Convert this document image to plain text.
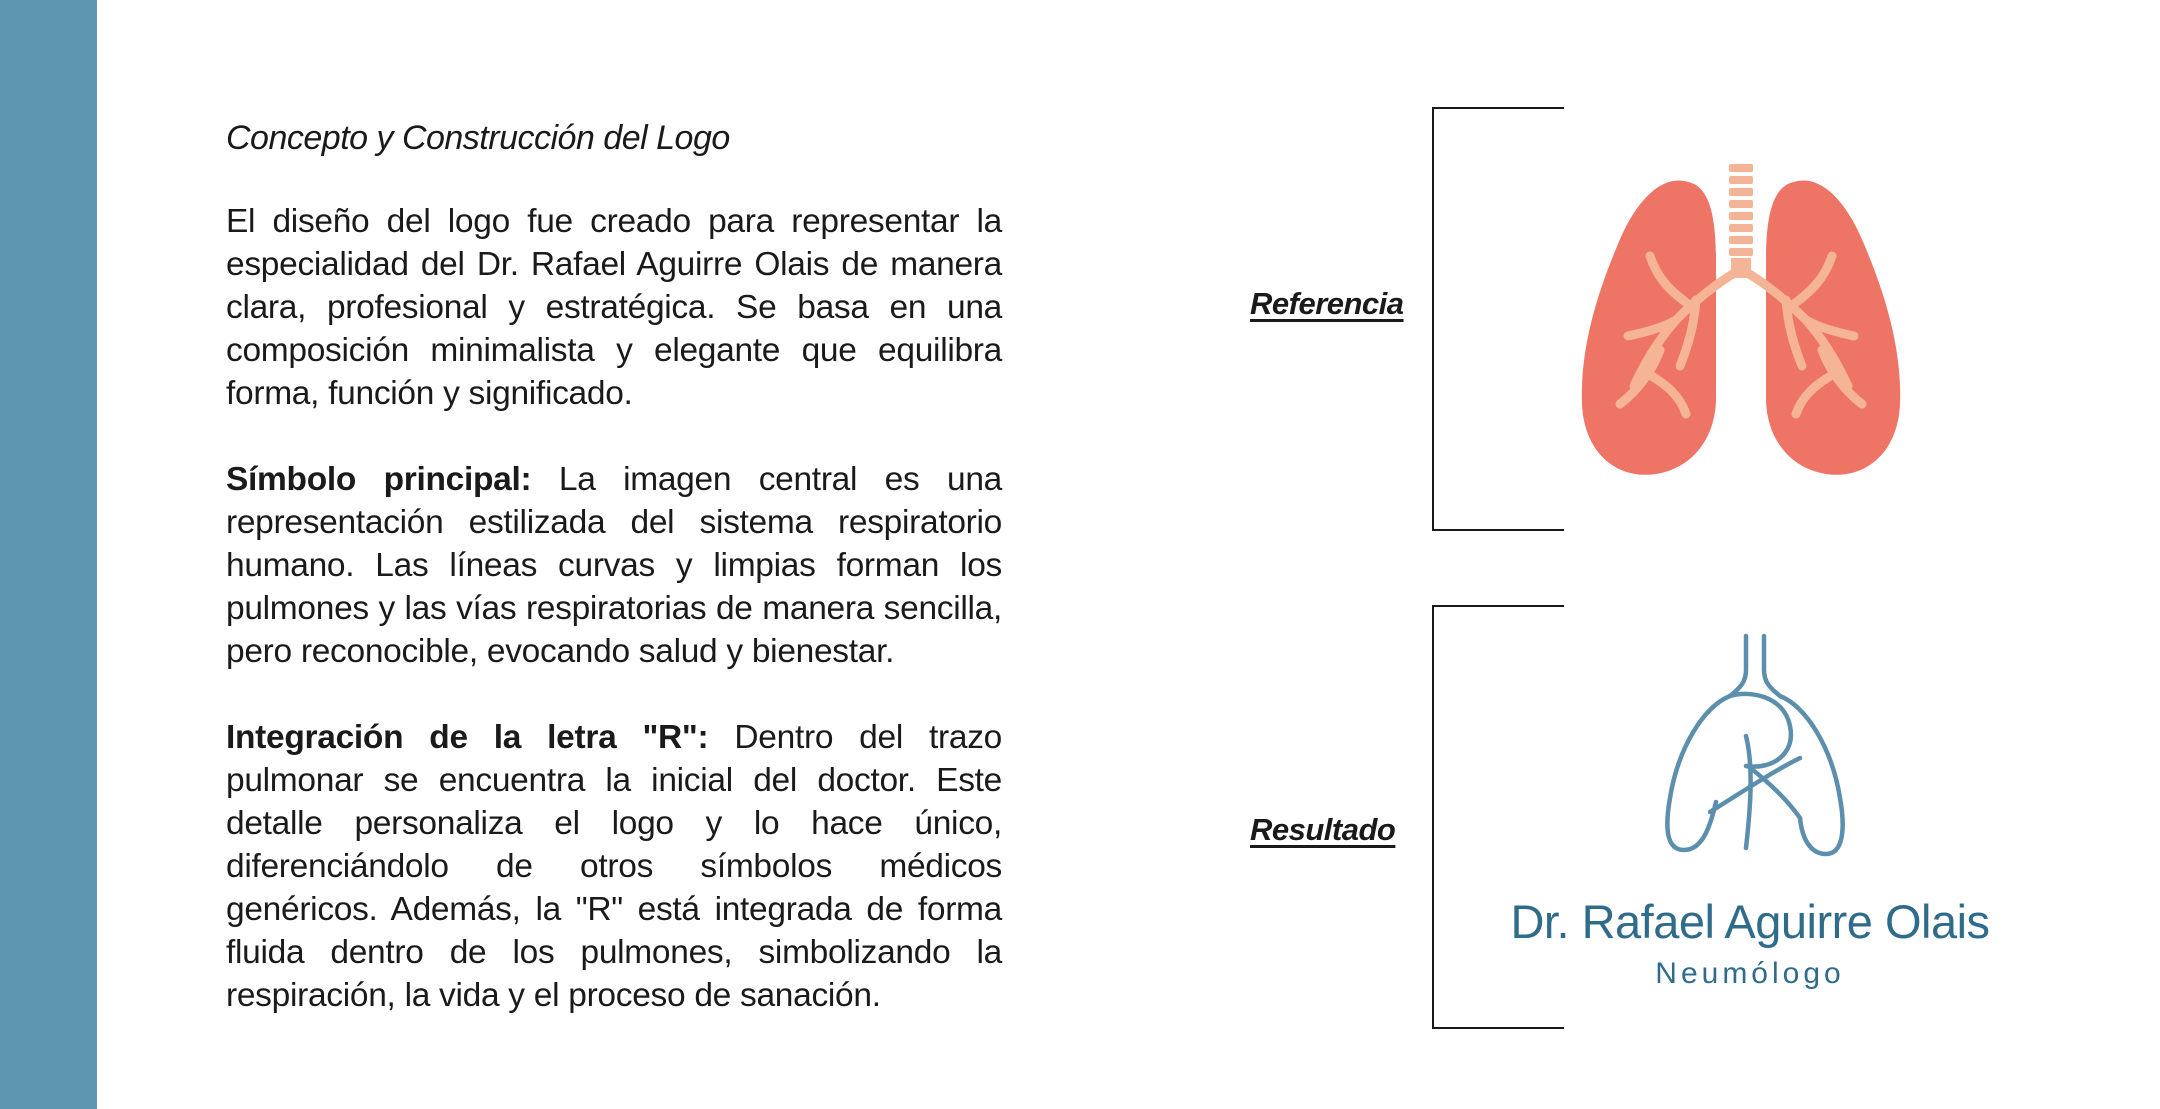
Concepto y Construcción del Logo

El diseño del logo fue creado para representar la especialidad del Dr. Rafael Aguirre Olais de manera clara, profesional y estratégica. Se basa en una composición minimalista y elegante que equilibra forma, función y significado.

Símbolo principal: La imagen central es una representación estilizada del sistema respiratorio humano. Las líneas curvas y limpias forman los pulmones y las vías respiratorias de manera sencilla, pero reconocible, evocando salud y bienestar.

Integración de la letra "R": Dentro del trazo pulmonar se encuentra la inicial del doctor. Este detalle personaliza el logo y lo hace único, diferenciándolo de otros símbolos médicos genéricos. Además, la "R" está integrada de forma fluida dentro de los pulmones, simbolizando la respiración, la vida y el proceso de sanación.

Referencia
Resultado
Dr. Rafael Aguirre Olais
Neumólogo
